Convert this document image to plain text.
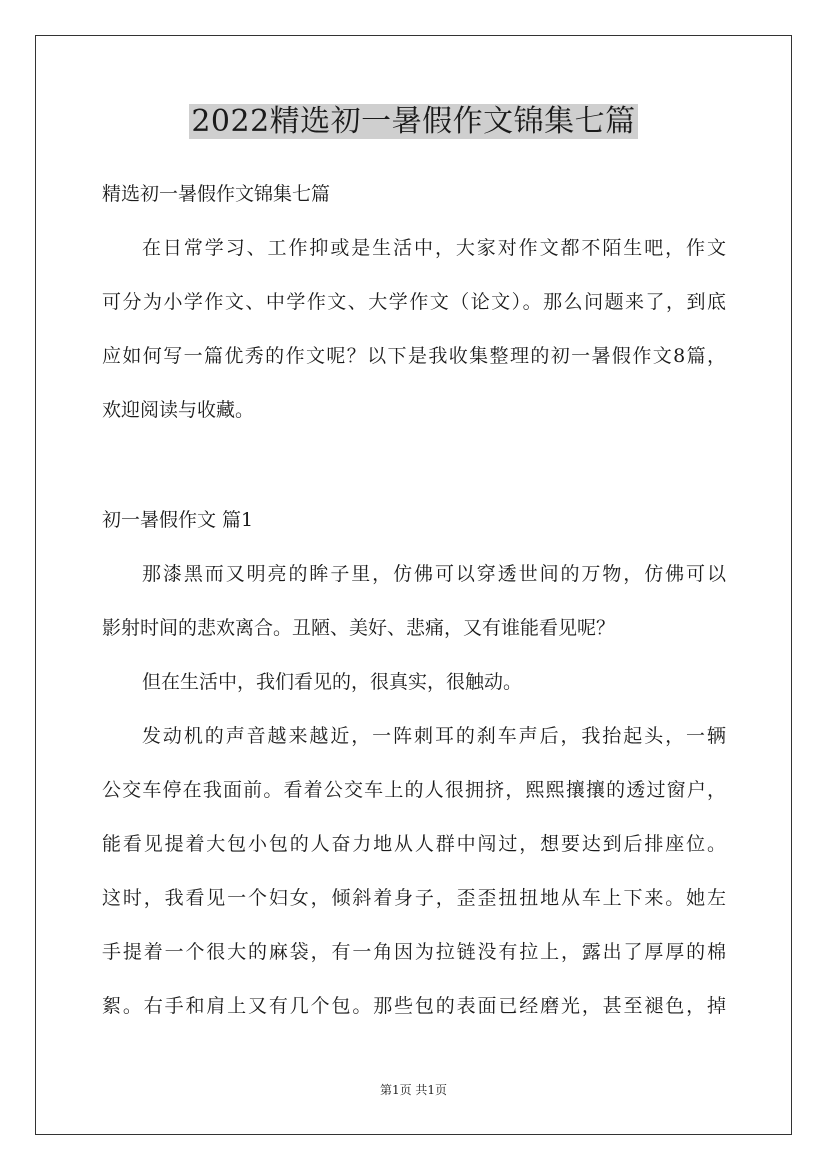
2022精选初一暑假作文锦集七篇
精选初一暑假作文锦集七篇
在日常学习、工作抑或是生活中，大家对作文都不陌生吧，作文
可分为小学作文、中学作文、大学作文（论文）。那么问题来了，到底
应如何写一篇优秀的作文呢？以下是我收集整理的初一暑假作文8篇，
欢迎阅读与收藏。
初一暑假作文 篇1
那漆黑而又明亮的眸子里，仿佛可以穿透世间的万物，仿佛可以
影射时间的悲欢离合。丑陋、美好、悲痛，又有谁能看见呢？
但在生活中，我们看见的，很真实，很触动。
发动机的声音越来越近，一阵刺耳的刹车声后，我抬起头，一辆
公交车停在我面前。看着公交车上的人很拥挤，熙熙攘攘的透过窗户，
能看见提着大包小包的人奋力地从人群中闯过，想要达到后排座位。
这时，我看见一个妇女，倾斜着身子，歪歪扭扭地从车上下来。她左
手提着一个很大的麻袋，有一角因为拉链没有拉上，露出了厚厚的棉
絮。右手和肩上又有几个包。那些包的表面已经磨光，甚至褪色，掉
第1页 共1页
